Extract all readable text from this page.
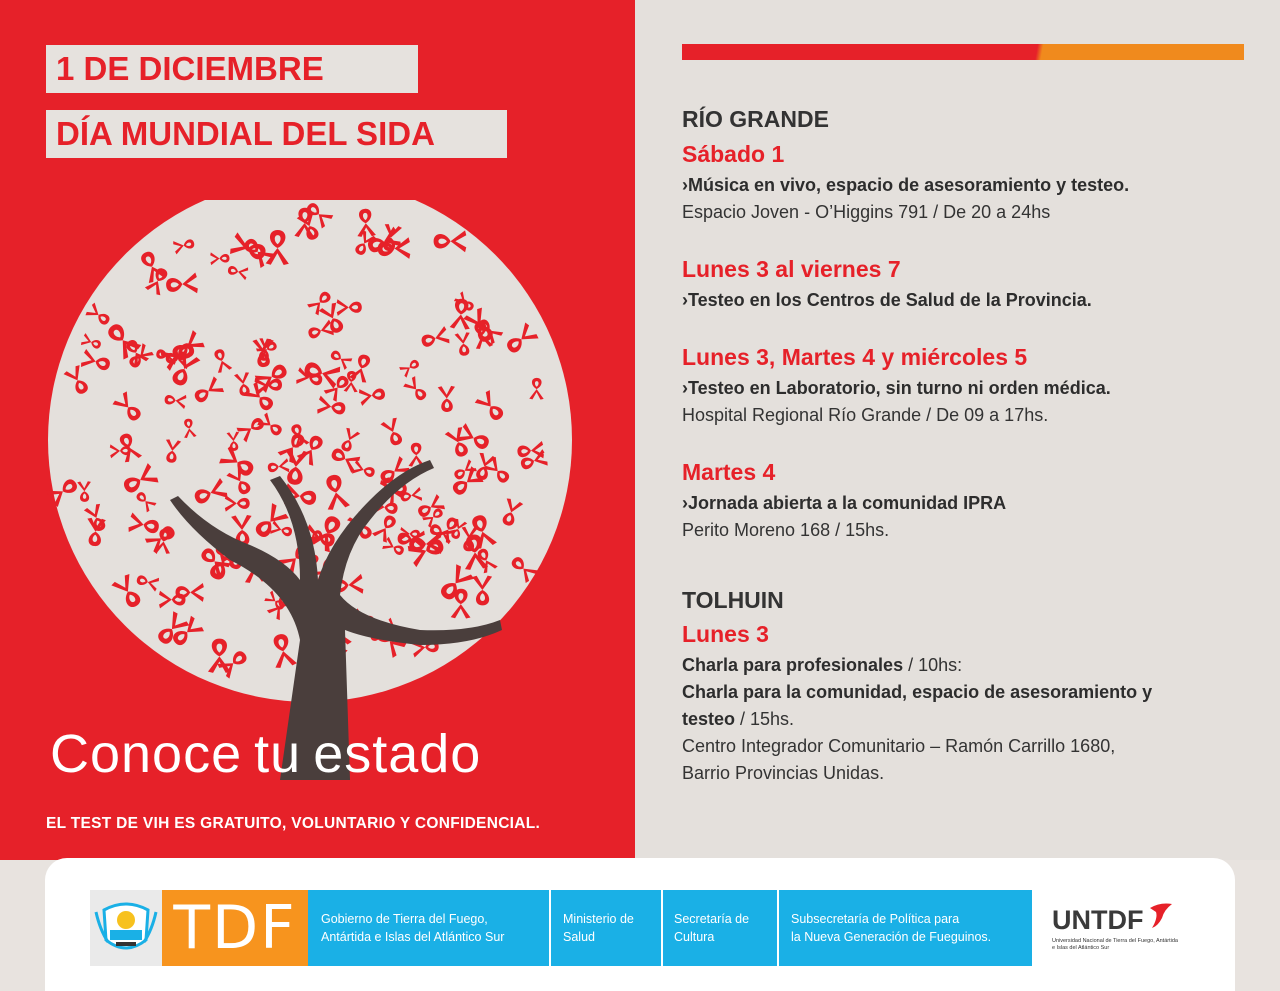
1 DE DICIEMBRE
DÍA MUNDIAL DEL SIDA
Conoce tu estado
EL TEST DE VIH ES GRATUITO, VOLUNTARIO Y CONFIDENCIAL.
RÍO GRANDE
Sábado 1
›Música en vivo, espacio de asesoramiento y testeo.
Espacio Joven - O’Higgins 791 / De 20 a 24hs
Lunes 3 al viernes 7
›Testeo en los Centros de Salud de la Provincia.
Lunes 3, Martes 4 y miércoles 5
›Testeo en Laboratorio, sin turno ni orden médica.
Hospital Regional Río Grande / De 09 a 17hs.
Martes 4
›Jornada abierta a la comunidad IPRA
Perito Moreno 168 / 15hs.
TOLHUIN
Lunes 3
Charla para profesionales / 10hs:
Charla para la comunidad, espacio de asesoramiento y
testeo / 15hs.
Centro Integrador Comunitario – Ramón Carrillo 1680,
Barrio Provincias Unidas.
TDF	Gobierno de Tierra del Fuego,
Antártida e Islas del Atlántico Sur
Ministerio de
Salud
Secretaría de
Cultura
Subsecretaría de Política para
la Nueva Generación de Fueguinos.
UNTDF
Universidad Nacional de Tierra del Fuego, Antártida e Islas del Atlántico Sur
